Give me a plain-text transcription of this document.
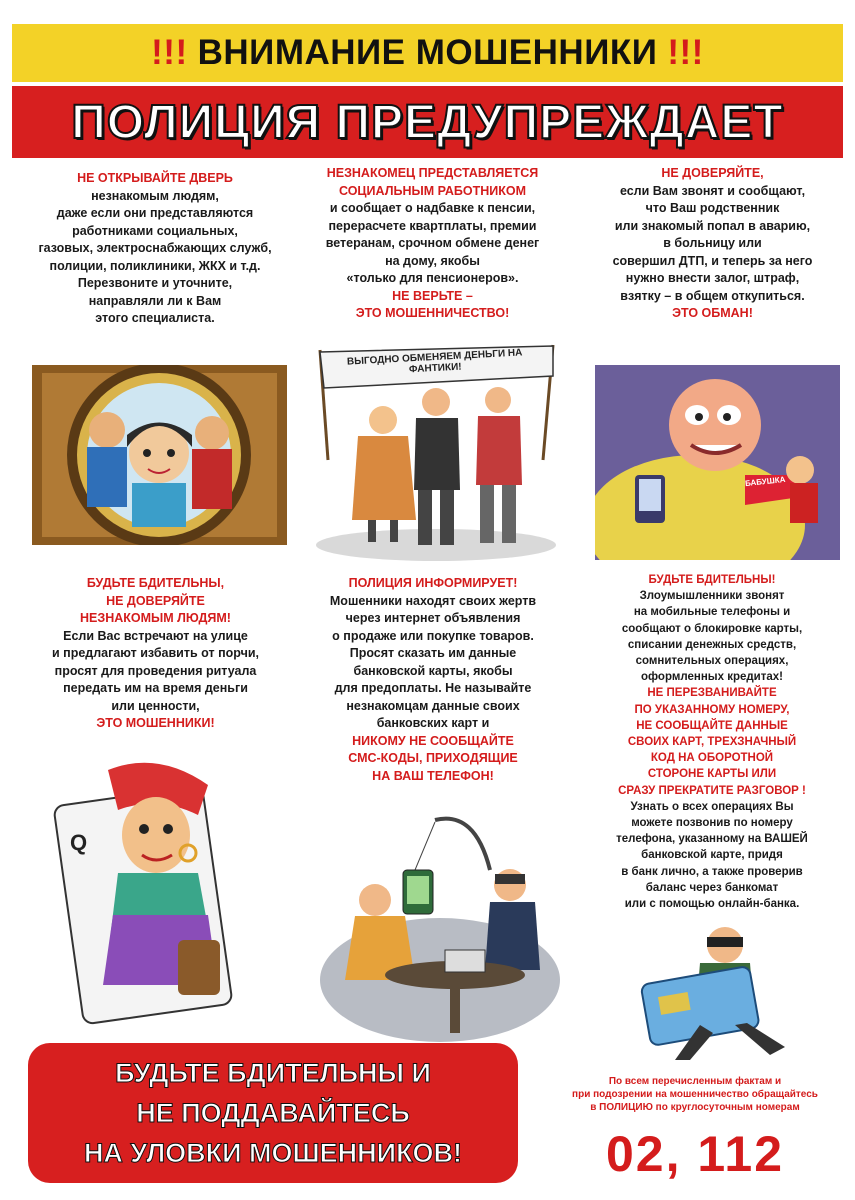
!!! ВНИМАНИЕ МОШЕННИКИ !!!
ПОЛИЦИЯ ПРЕДУПРЕЖДАЕТ
НЕ ОТКРЫВАЙТЕ ДВЕРЬ
незнакомым людям,
даже если они представляются
работниками социальных,
газовых, электроснабжающих служб,
полиции, поликлиники, ЖКХ и т.д.
Перезвоните и уточните,
направляли ли к Вам
этого специалиста.
НЕЗНАКОМЕЦ ПРЕДСТАВЛЯЕТСЯ
СОЦИАЛЬНЫМ РАБОТНИКОМ
и сообщает о надбавке к пенсии,
перерасчете квартплаты, премии
ветеранам, срочном обмене денег
на дому, якобы
«только для пенсионеров».
НЕ ВЕРЬТЕ –
ЭТО МОШЕННИЧЕСТВО!
НЕ ДОВЕРЯЙТЕ,
если Вам звонят и сообщают,
что Ваш родственник
или знакомый попал в аварию,
в больницу или
совершил ДТП, и теперь за него
нужно внести залог, штраф,
взятку – в общем откупиться.
ЭТО ОБМАН!
ВЫГОДНО ОБМЕНЯЕМ ДЕНЬГИ НА ФАНТИКИ!
БАБУШКА
БУДЬТЕ БДИТЕЛЬНЫ,
НЕ ДОВЕРЯЙТЕ
НЕЗНАКОМЫМ ЛЮДЯМ!
Если Вас встречают на улице
и предлагают избавить от порчи,
просят для проведения ритуала
передать им на время деньги
или ценности,
ЭТО МОШЕННИКИ!
ПОЛИЦИЯ ИНФОРМИРУЕТ!
Мошенники находят своих жертв
через интернет объявления
о продаже или покупке товаров.
Просят сказать им данные
банковской карты, якобы
для предоплаты. Не называйте
незнакомцам данные своих
банковских карт и
НИКОМУ НЕ СООБЩАЙТЕ
СМС-КОДЫ, ПРИХОДЯЩИЕ
НА ВАШ ТЕЛЕФОН!
БУДЬТЕ БДИТЕЛЬНЫ!
Злоумышленники звонят
на мобильные телефоны и
сообщают о блокировке карты,
списании денежных средств,
сомнительных операциях,
оформленных кредитах!
НЕ ПЕРЕЗВАНИВАЙТЕ
ПО УКАЗАННОМУ НОМЕРУ,
НЕ СООБЩАЙТЕ ДАННЫЕ
СВОИХ КАРТ, ТРЕХЗНАЧНЫЙ
КОД НА ОБОРОТНОЙ
СТОРОНЕ КАРТЫ ИЛИ
СРАЗУ ПРЕКРАТИТЕ РАЗГОВОР !
Узнать о всех операциях Вы
можете позвонив по номеру
телефона, указанному на ВАШЕЙ
банковской карте, придя
в банк лично, а также проверив
баланс через банкомат
или с помощью онлайн-банка.
Q
БУДЬТЕ БДИТЕЛЬНЫ И
НЕ ПОДДАВАЙТЕСЬ
НА УЛОВКИ МОШЕННИКОВ!
По всем перечисленным фактам и
при подозрении на мошенничество обращайтесь
в ПОЛИЦИЮ по круглосуточным номерам
02, 112
